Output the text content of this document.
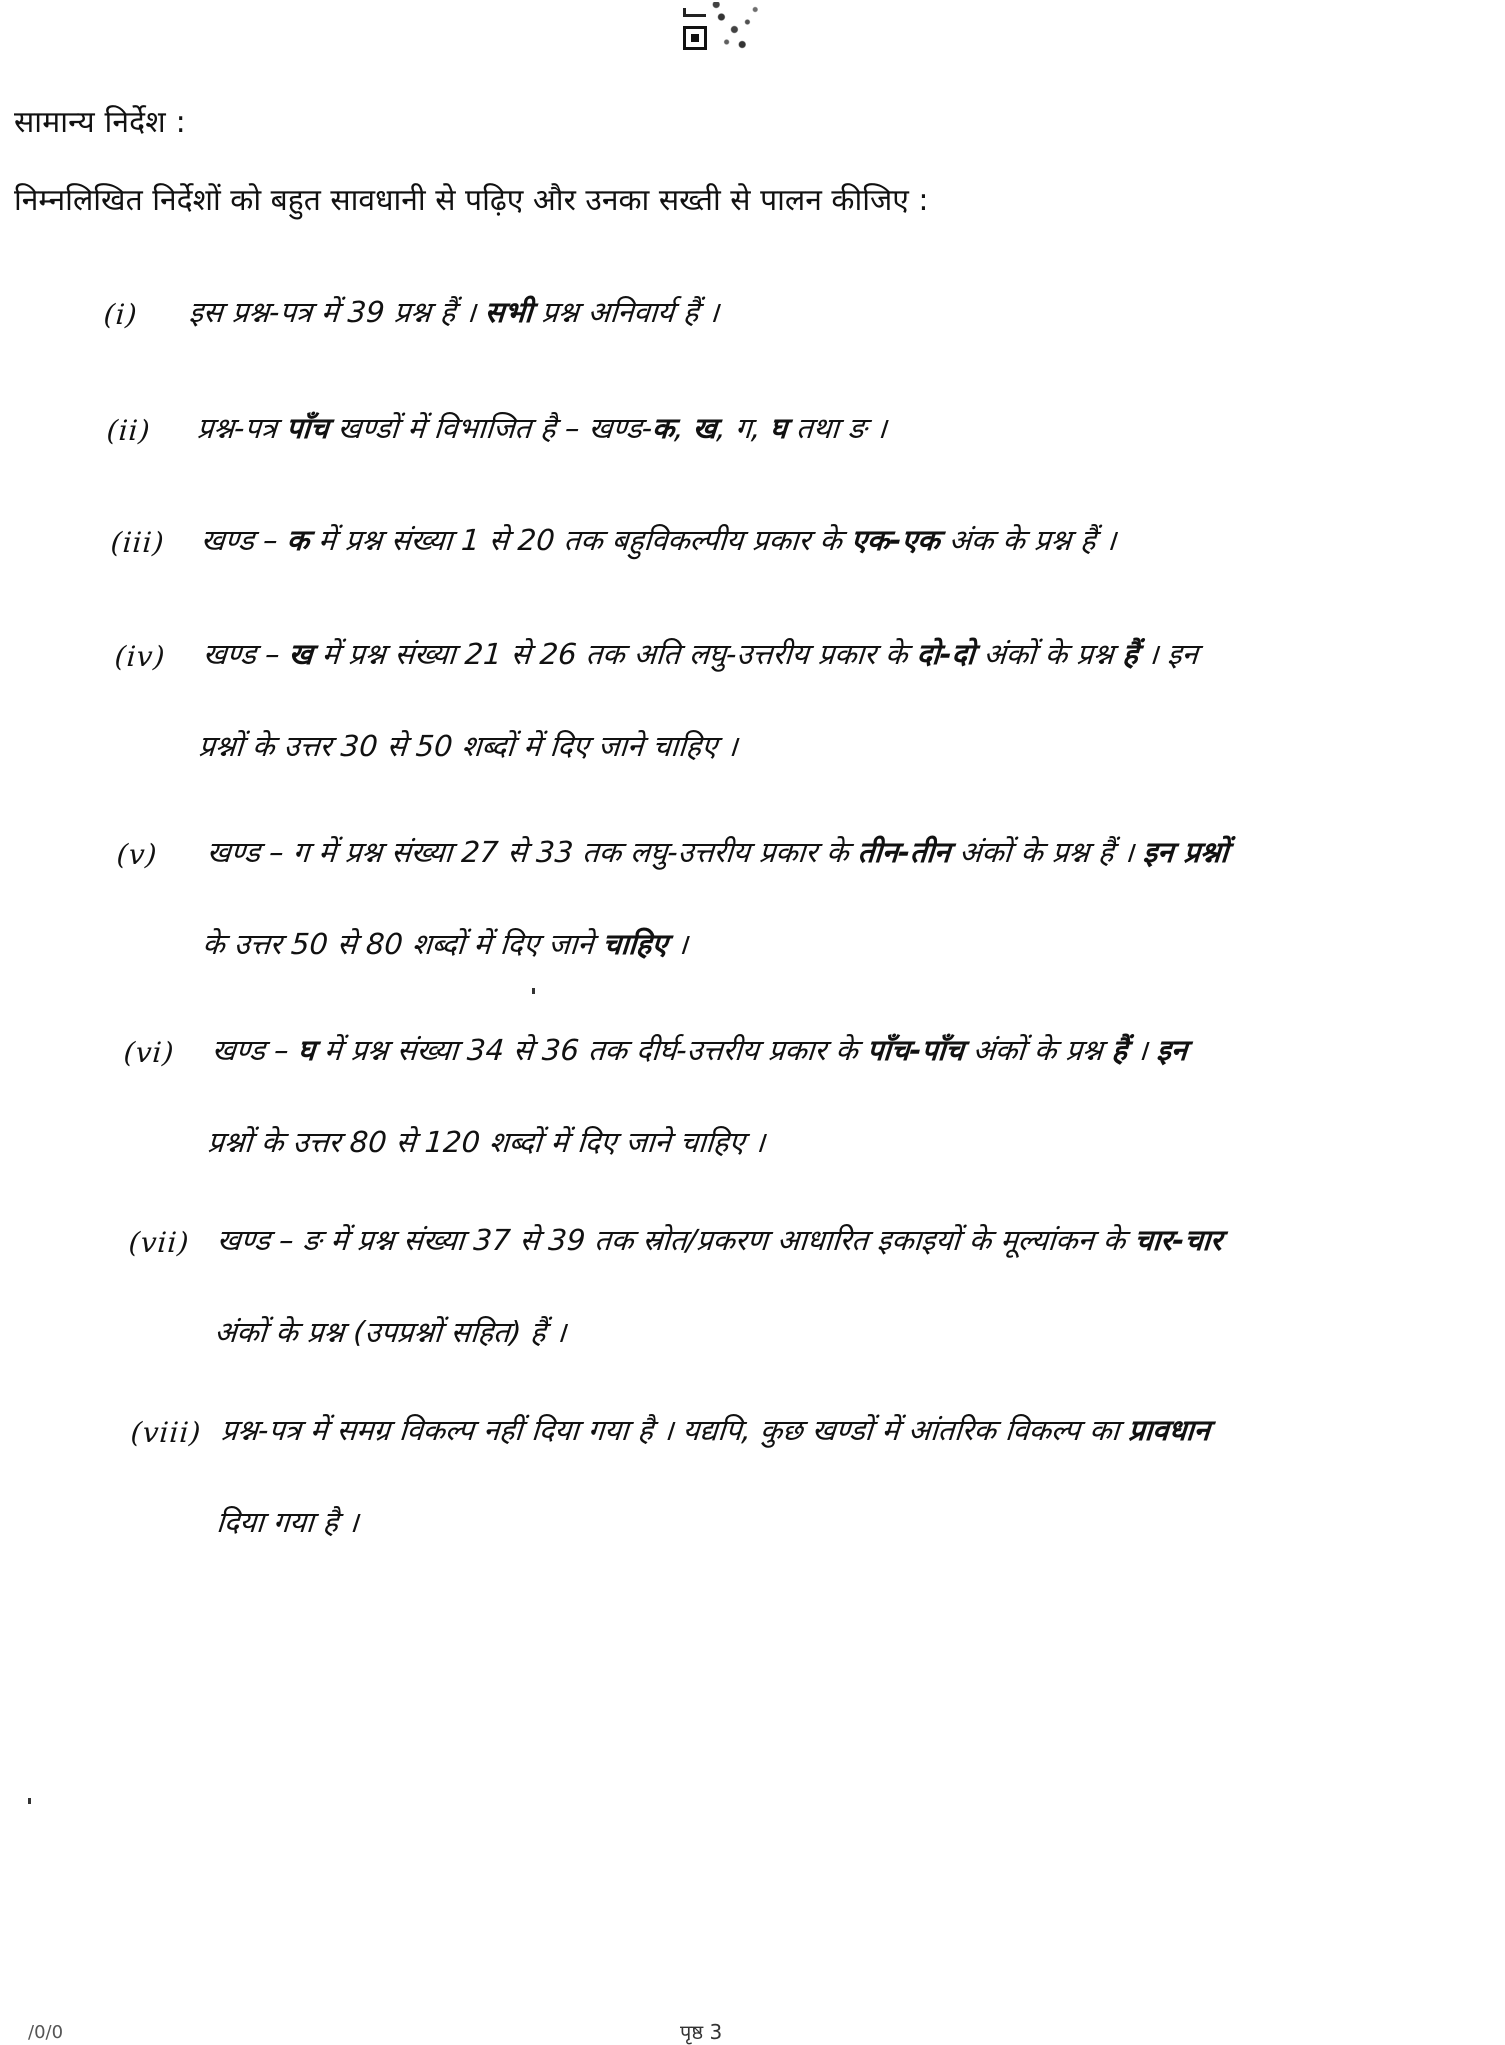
सामान्य निर्देश :
निम्नलिखित निर्देशों को बहुत सावधानी से पढ़िए और उनका सख्ती से पालन कीजिए :
(i) इस प्रश्न-पत्र में 39 प्रश्न हैं । सभी प्रश्न अनिवार्य हैं ।
(ii) प्रश्न-पत्र पाँच खण्डों में विभाजित है – खण्ड-क, ख, ग, घ तथा ङ ।
(iii) खण्ड – क में प्रश्न संख्या 1 से 20 तक बहुविकल्पीय प्रकार के एक-एक अंक के प्रश्न हैं ।
(iv) खण्ड – ख में प्रश्न संख्या 21 से 26 तक अति लघु-उत्तरीय प्रकार के दो-दो अंकों के प्रश्न हैं । इन
प्रश्नों के उत्तर 30 से 50 शब्दों में दिए जाने चाहिए ।
(v) खण्ड – ग में प्रश्न संख्या 27 से 33 तक लघु-उत्तरीय प्रकार के तीन-तीन अंकों के प्रश्न हैं । इन प्रश्नों
के उत्तर 50 से 80 शब्दों में दिए जाने चाहिए ।
(vi) खण्ड – घ में प्रश्न संख्या 34 से 36 तक दीर्घ-उत्तरीय प्रकार के पाँच-पाँच अंकों के प्रश्न हैं । इन
प्रश्नों के उत्तर 80 से 120 शब्दों में दिए जाने चाहिए ।
(vii) खण्ड – ङ में प्रश्न संख्या 37 से 39 तक स्रोत/प्रकरण आधारित इकाइयों के मूल्यांकन के चार-चार
अंकों के प्रश्न (उपप्रश्नों सहित) हैं ।
(viii) प्रश्न-पत्र में समग्र विकल्प नहीं दिया गया है । यद्यपि, कुछ खण्डों में आंतरिक विकल्प का प्रावधान
दिया गया है ।
/0/0	पृष्ठ 3
